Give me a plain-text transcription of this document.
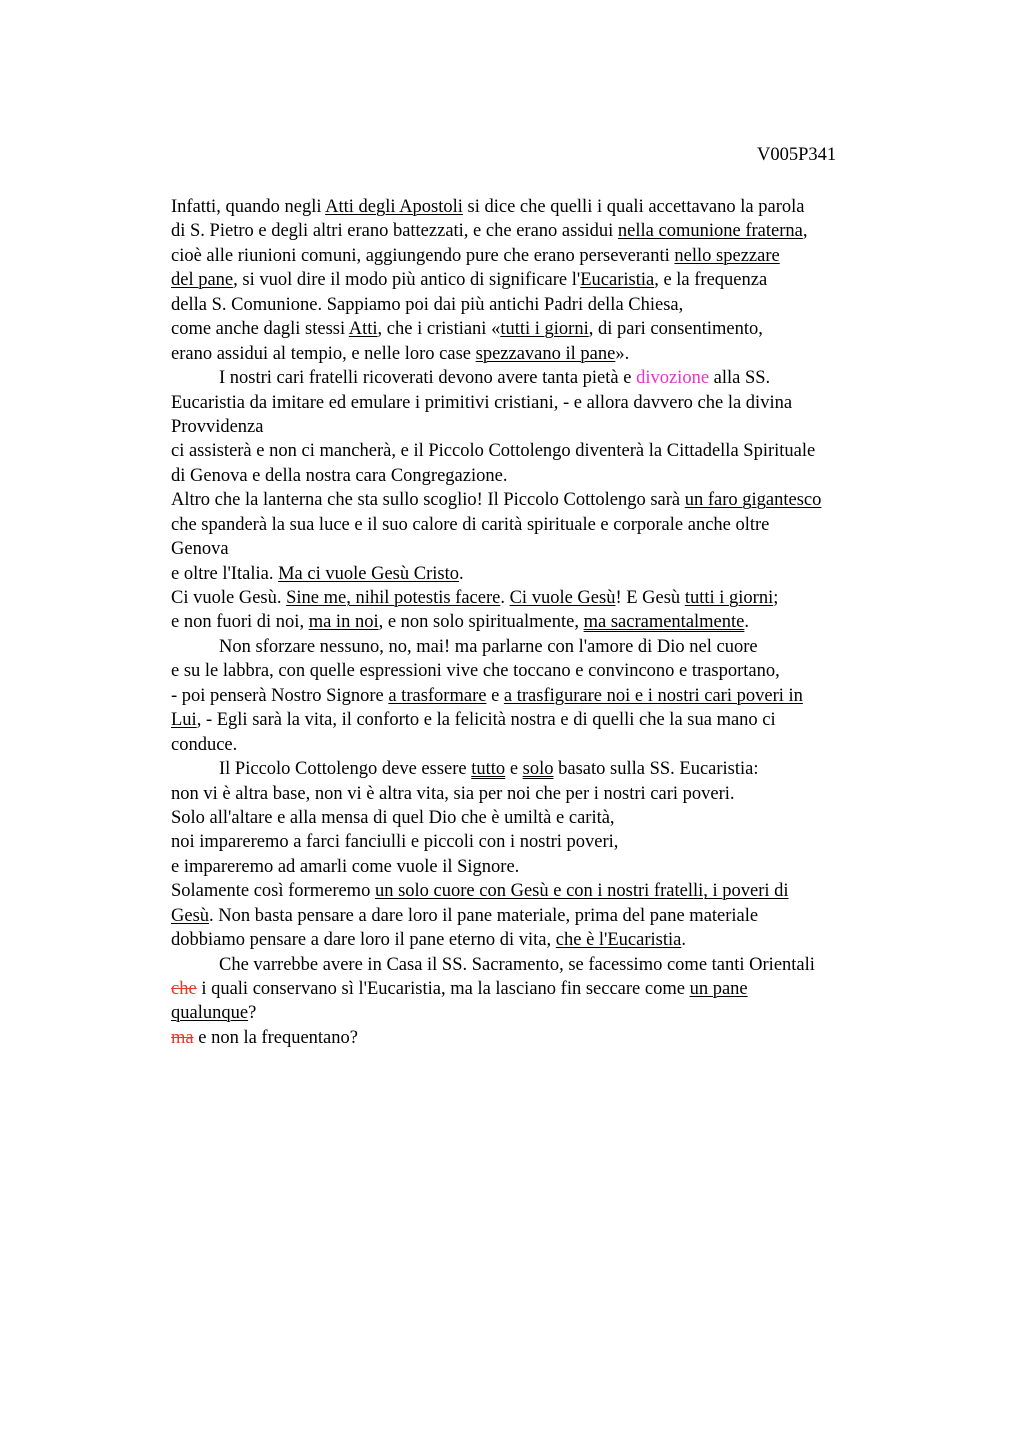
V005P341
Infatti, quando negli Atti degli Apostoli si dice che quelli i quali accettavano la parola
di S. Pietro e degli altri erano battezzati, e che erano assidui nella comunione fraterna,
cioè alle riunioni comuni, aggiungendo pure che erano perseveranti nello spezzare
del pane, si vuol dire il modo più antico di significare l'Eucaristia, e la frequenza
della S. Comunione. Sappiamo poi dai più antichi Padri della Chiesa,
come anche dagli stessi Atti, che i cristiani «tutti i giorni, di pari consentimento,
erano assidui al tempio, e nelle loro case spezzavano il pane».
I nostri cari fratelli ricoverati devono avere tanta pietà e divozione alla SS.
Eucaristia da imitare ed emulare i primitivi cristiani, - e allora davvero che la divina
Provvidenza
ci assisterà e non ci mancherà, e il Piccolo Cottolengo diventerà la Cittadella Spirituale
di Genova e della nostra cara Congregazione.
Altro che la lanterna che sta sullo scoglio! Il Piccolo Cottolengo sarà un faro gigantesco
che spanderà la sua luce e il suo calore di carità spirituale e corporale anche oltre
Genova
e oltre l'Italia. Ma ci vuole Gesù Cristo.
Ci vuole Gesù. Sine me, nihil potestis facere. Ci vuole Gesù! E Gesù tutti i giorni;
e non fuori di noi, ma in noi, e non solo spiritualmente, ma sacramentalmente.
Non sforzare nessuno, no, mai! ma parlarne con l'amore di Dio nel cuore
e su le labbra, con quelle espressioni vive che toccano e convincono e trasportano,
- poi penserà Nostro Signore a trasformare e a trasfigurare noi e i nostri cari poveri in
Lui, - Egli sarà la vita, il conforto e la felicità nostra e di quelli che la sua mano ci
conduce.
Il Piccolo Cottolengo deve essere tutto e solo basato sulla SS. Eucaristia:
non vi è altra base, non vi è altra vita, sia per noi che per i nostri cari poveri.
Solo all'altare e alla mensa di quel Dio che è umiltà e carità,
noi impareremo a farci fanciulli e piccoli con i nostri poveri,
e impareremo ad amarli come vuole il Signore.
Solamente così formeremo un solo cuore con Gesù e con i nostri fratelli, i poveri di
Gesù. Non basta pensare a dare loro il pane materiale, prima del pane materiale
dobbiamo pensare a dare loro il pane eterno di vita, che è l'Eucaristia.
Che varrebbe avere in Casa il SS. Sacramento, se facessimo come tanti Orientali
che i quali conservano sì l'Eucaristia, ma la lasciano fin seccare come un pane
qualunque?
ma e non la frequentano?
